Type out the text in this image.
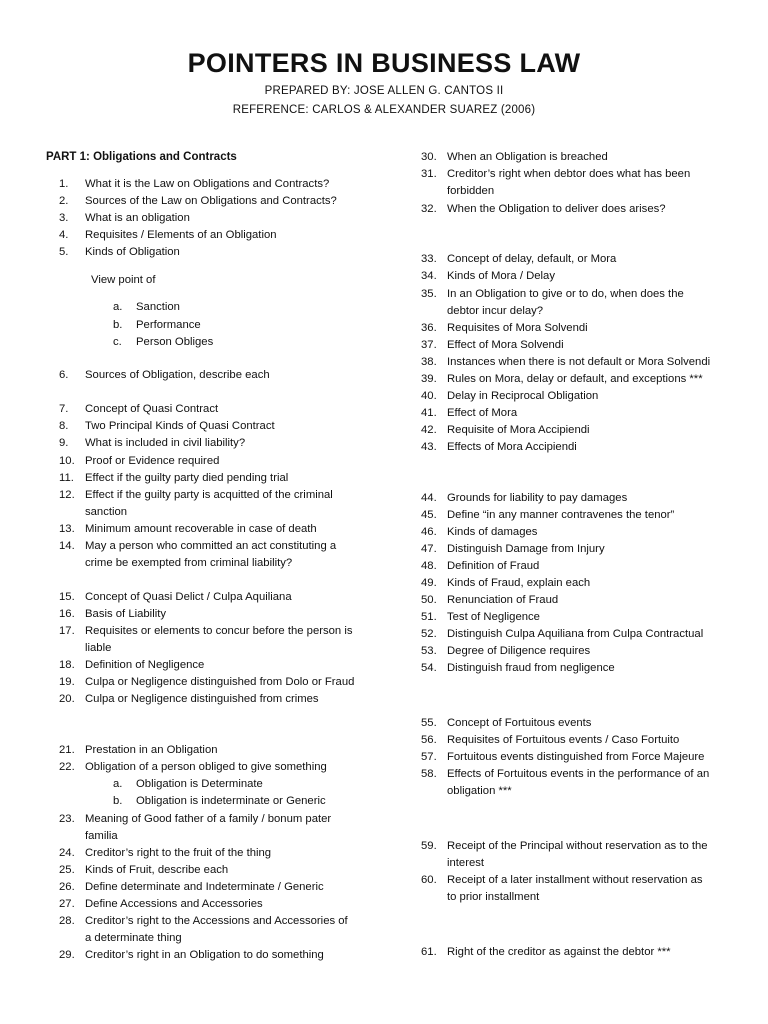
POINTERS IN BUSINESS LAW
PREPARED BY: JOSE ALLEN G. CANTOS II
REFERENCE: CARLOS & ALEXANDER SUAREZ (2006)
PART 1: Obligations and Contracts
1. What it is the Law on Obligations and Contracts?
2. Sources of the Law on Obligations and Contracts?
3. What is an obligation
4. Requisites / Elements of an Obligation
5. Kinds of Obligation
View point of
a. Sanction
b. Performance
c. Person Obliges
6. Sources of Obligation, describe each
7. Concept of Quasi Contract
8. Two Principal Kinds of Quasi Contract
9. What is included in civil liability?
10. Proof or Evidence required
11. Effect if the guilty party died pending trial
12. Effect if the guilty party is acquitted of the criminal
sanction
13. Minimum amount recoverable in case of death
14. May a person who committed an act constituting a
crime be exempted from criminal liability?
15. Concept of Quasi Delict / Culpa Aquiliana
16. Basis of Liability
17. Requisites or elements to concur before the person is
liable
18. Definition of Negligence
19. Culpa or Negligence distinguished from Dolo or Fraud
20. Culpa or Negligence distinguished from crimes
21. Prestation in an Obligation
22. Obligation of a person obliged to give something
a. Obligation is Determinate
b. Obligation is indeterminate or Generic
23. Meaning of Good father of a family / bonum pater
familia
24. Creditor’s right to the fruit of the thing
25. Kinds of Fruit, describe each
26. Define determinate and Indeterminate / Generic
27. Define Accessions and Accessories
28. Creditor’s right to the Accessions and Accessories of
a determinate thing
29. Creditor’s right in an Obligation to do something
30. When an Obligation is breached
31. Creditor’s right when debtor does what has been
forbidden
32. When the Obligation to deliver does arises?
33. Concept of delay, default, or Mora
34. Kinds of Mora / Delay
35. In an Obligation to give or to do, when does the
debtor incur delay?
36. Requisites of Mora Solvendi
37. Effect of Mora Solvendi
38. Instances when there is not default or Mora Solvendi
39. Rules on Mora, delay or default, and exceptions ***
40. Delay in Reciprocal Obligation
41. Effect of Mora
42. Requisite of Mora Accipiendi
43. Effects of Mora Accipiendi
44. Grounds for liability to pay damages
45. Define “in any manner contravenes the tenor”
46. Kinds of damages
47. Distinguish Damage from Injury
48. Definition of Fraud
49. Kinds of Fraud, explain each
50. Renunciation of Fraud
51. Test of Negligence
52. Distinguish Culpa Aquiliana from Culpa Contractual
53. Degree of Diligence requires
54. Distinguish fraud from negligence
55. Concept of Fortuitous events
56. Requisites of Fortuitous events / Caso Fortuito
57. Fortuitous events distinguished from Force Majeure
58. Effects of Fortuitous events in the performance of an
obligation ***
59. Receipt of the Principal without reservation as to the
interest
60. Receipt of a later installment without reservation as
to prior installment
61. Right of the creditor as against the debtor ***
